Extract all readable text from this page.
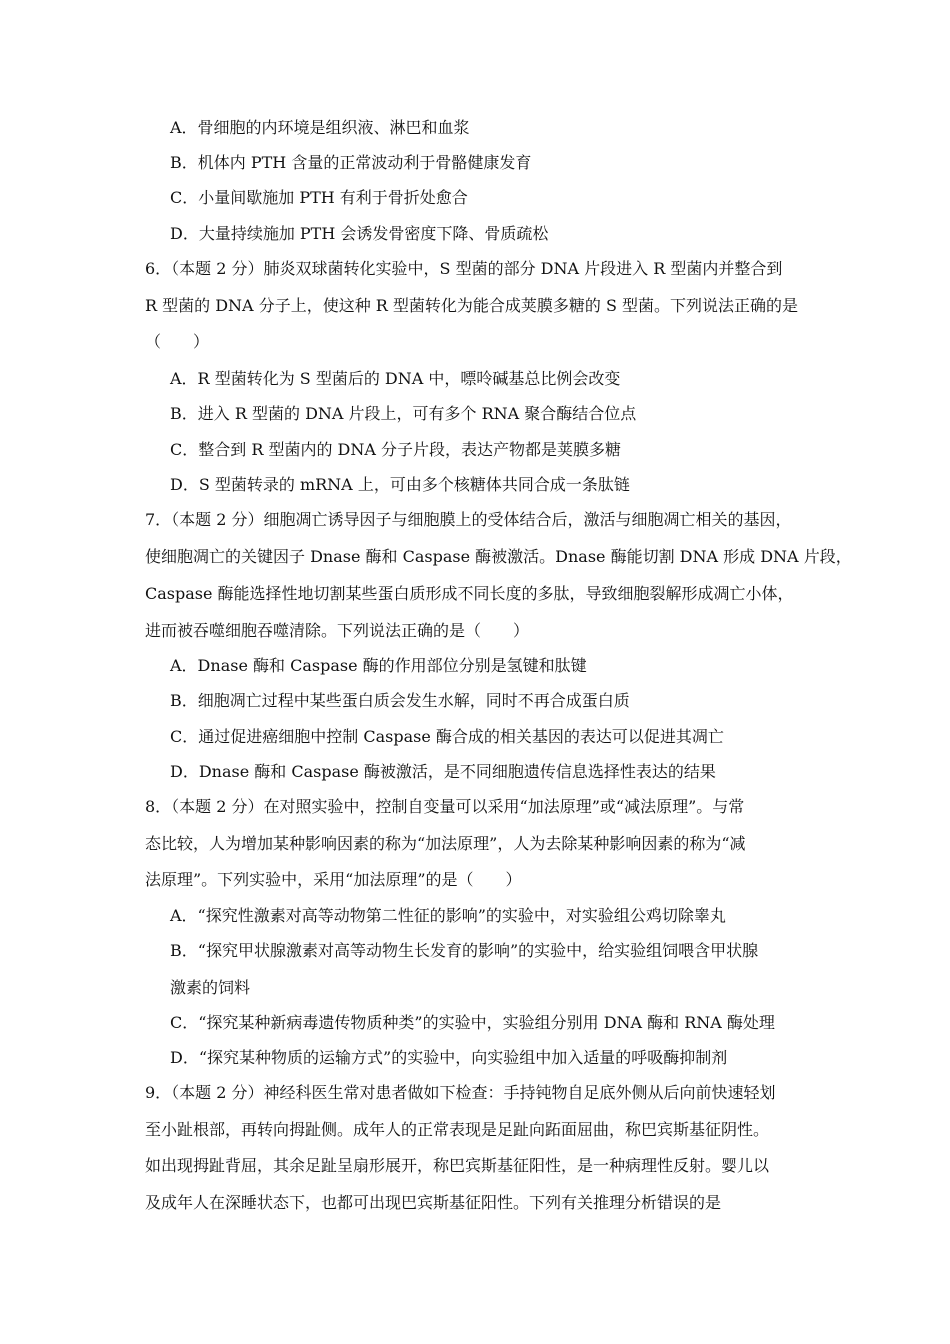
A．骨细胞的内环境是组织液、淋巴和血浆
B．机体内 PTH 含量的正常波动利于骨骼健康发育
C．小量间歇施加 PTH 有利于骨折处愈合
D．大量持续施加 PTH 会诱发骨密度下降、骨质疏松
6．（本题 2 分）肺炎双球菌转化实验中，S 型菌的部分 DNA 片段进入 R 型菌内并整合到
R 型菌的 DNA 分子上，使这种 R 型菌转化为能合成荚膜多糖的 S 型菌。下列说法正确的是
（　　）
A．R 型菌转化为 S 型菌后的 DNA 中，嘌呤碱基总比例会改变
B．进入 R 型菌的 DNA 片段上，可有多个 RNA 聚合酶结合位点
C．整合到 R 型菌内的 DNA 分子片段，表达产物都是荚膜多糖
D．S 型菌转录的 mRNA 上，可由多个核糖体共同合成一条肽链
7．（本题 2 分）细胞凋亡诱导因子与细胞膜上的受体结合后，激活与细胞凋亡相关的基因，
使细胞凋亡的关键因子 Dnase 酶和 Caspase 酶被激活。Dnase 酶能切割 DNA 形成 DNA 片段，
Caspase 酶能选择性地切割某些蛋白质形成不同长度的多肽，导致细胞裂解形成凋亡小体，
进而被吞噬细胞吞噬清除。下列说法正确的是（　　）
A．Dnase 酶和 Caspase 酶的作用部位分别是氢键和肽键
B．细胞凋亡过程中某些蛋白质会发生水解，同时不再合成蛋白质
C．通过促进癌细胞中控制 Caspase 酶合成的相关基因的表达可以促进其凋亡
D．Dnase 酶和 Caspase 酶被激活，是不同细胞遗传信息选择性表达的结果
8．（本题 2 分）在对照实验中，控制自变量可以采用“加法原理”或“减法原理”。与常
态比较，人为增加某种影响因素的称为“加法原理”，人为去除某种影响因素的称为“减
法原理”。下列实验中，采用“加法原理”的是（　　）
A．“探究性激素对高等动物第二性征的影响”的实验中，对实验组公鸡切除睾丸
B．“探究甲状腺激素对高等动物生长发育的影响”的实验中，给实验组饲喂含甲状腺
激素的饲料
C．“探究某种新病毒遗传物质种类”的实验中，实验组分别用 DNA 酶和 RNA 酶处理
D．“探究某种物质的运输方式”的实验中，向实验组中加入适量的呼吸酶抑制剂
9．（本题 2 分）神经科医生常对患者做如下检查：手持钝物自足底外侧从后向前快速轻划
至小趾根部，再转向拇趾侧。成年人的正常表现是足趾向跖面屈曲，称巴宾斯基征阴性。
如出现拇趾背屈，其余足趾呈扇形展开，称巴宾斯基征阳性，是一种病理性反射。婴儿以
及成年人在深睡状态下，也都可出现巴宾斯基征阳性。下列有关推理分析错误的是
